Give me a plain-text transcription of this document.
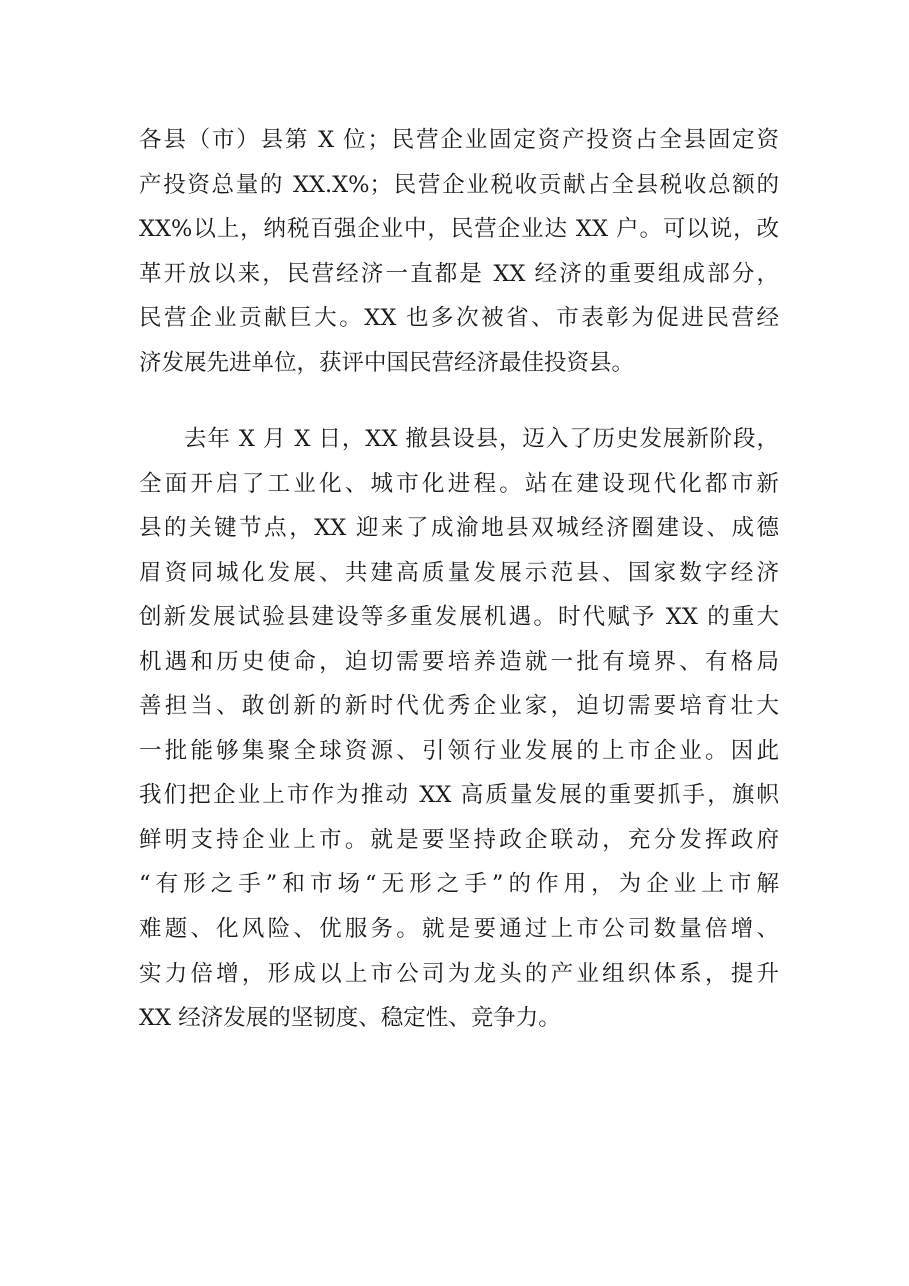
各县（市）县第 X 位；民营企业固定资产投资占全县固定资
产投资总量的 XX.X%；民营企业税收贡献占全县税收总额的
XX%以上，纳税百强企业中，民营企业达 XX 户。可以说，改
革开放以来，民营经济一直都是 XX 经济的重要组成部分，
民营企业贡献巨大。XX 也多次被省、市表彰为促进民营经
济发展先进单位，获评中国民营经济最佳投资县。
去年 X 月 X 日，XX 撤县设县，迈入了历史发展新阶段，
全面开启了工业化、城市化进程。站在建设现代化都市新
县的关键节点，XX 迎来了成渝地县双城经济圈建设、成德
眉资同城化发展、共建高质量发展示范县、国家数字经济
创新发展试验县建设等多重发展机遇。时代赋予 XX 的重大
机遇和历史使命，迫切需要培养造就一批有境界、有格局
善担当、敢创新的新时代优秀企业家，迫切需要培育壮大
一批能够集聚全球资源、引领行业发展的上市企业。因此
我们把企业上市作为推动 XX 高质量发展的重要抓手，旗帜
鲜明支持企业上市。就是要坚持政企联动，充分发挥政府
“有形之手”和市场“无形之手”的作用，为企业上市解
难题、化风险、优服务。就是要通过上市公司数量倍增、
实力倍增，形成以上市公司为龙头的产业组织体系，提升
XX 经济发展的坚韧度、稳定性、竞争力。
